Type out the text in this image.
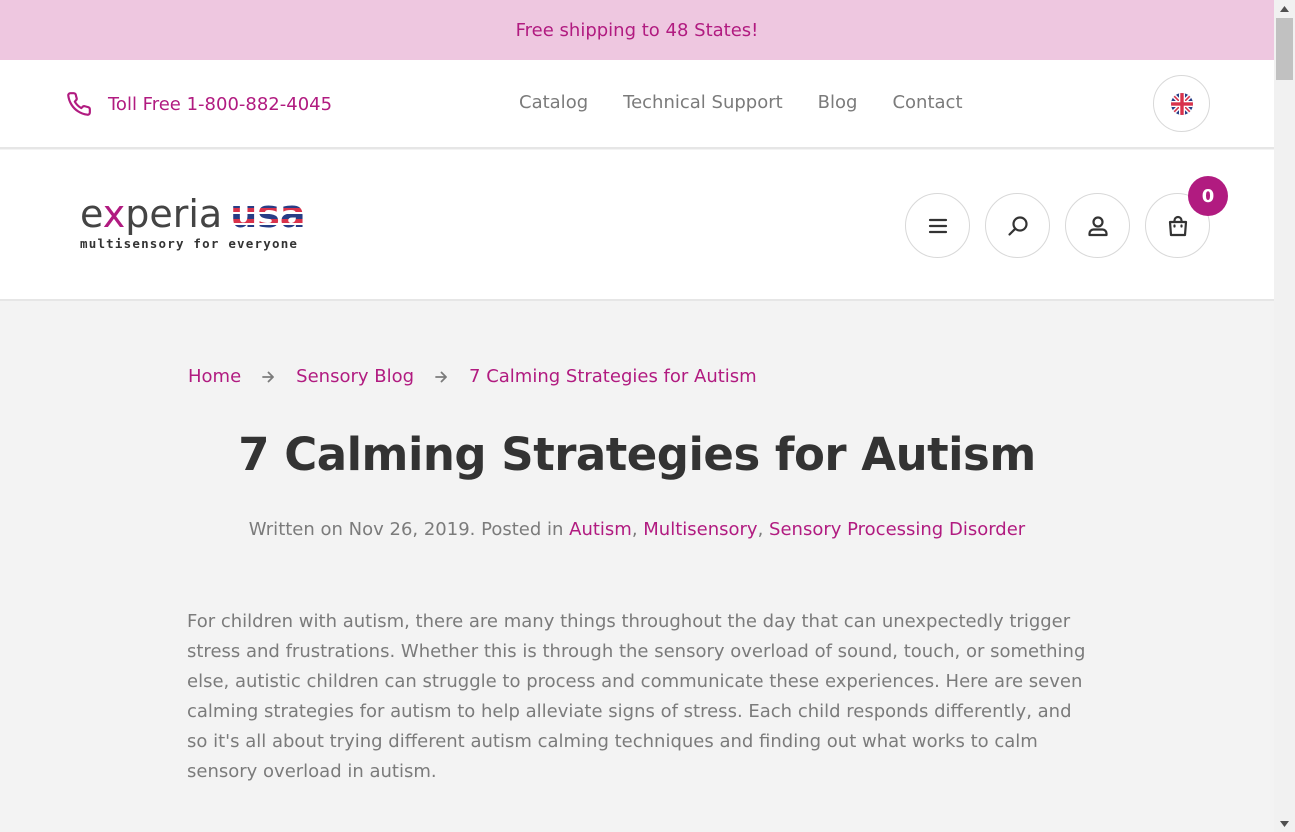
Free shipping to 48 States!
Toll Free 1-800-882-4045	Catalog Technical Support Blog Contact
experia usa
multisensory for everyone
0
Home	Sensory Blog	7 Calming Strategies for Autism
7 Calming Strategies for Autism
Written on Nov 26, 2019. Posted in Autism, Multisensory, Sensory Processing Disorder

For children with autism, there are many things throughout the day that can unexpectedly trigger stress and frustrations. Whether this is through the sensory overload of sound, touch, or something else, autistic children can struggle to process and communicate these experiences. Here are seven calming strategies for autism to help alleviate signs of stress. Each child responds differently, and so it's all about trying different autism calming techniques and finding out what works to calm sensory overload in autism.
